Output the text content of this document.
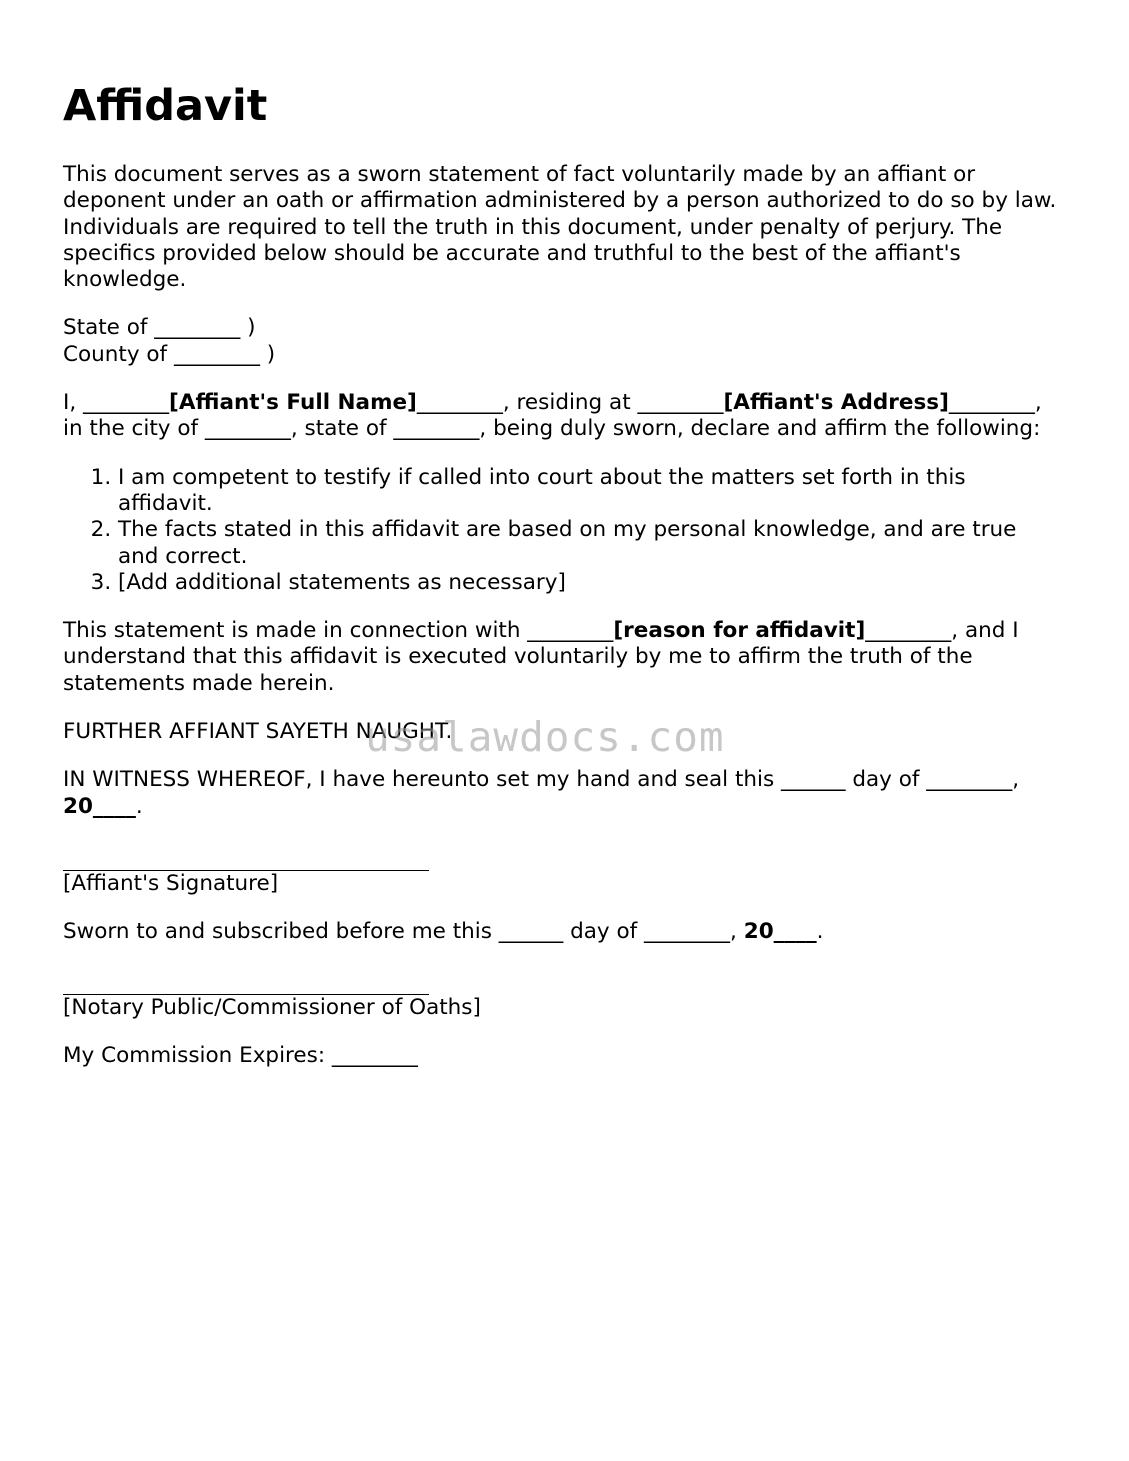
Affidavit

This document serves as a sworn statement of fact voluntarily made by an affiant or deponent under an oath or affirmation administered by a person authorized to do so by law. Individuals are required to tell the truth in this document, under penalty of perjury. The specifics provided below should be accurate and truthful to the best of the affiant's knowledge.

State of ________ )
County of ________ )

I, ________[Affiant's Full Name]________, residing at ________[Affiant's Address]________, in the city of ________, state of ________, being duly sworn, declare and affirm the following:

1. I am competent to testify if called into court about the matters set forth in this affidavit.
2. The facts stated in this affidavit are based on my personal knowledge, and are true and correct.
3. [Add additional statements as necessary]

This statement is made in connection with ________[reason for affidavit]________, and I understand that this affidavit is executed voluntarily by me to affirm the truth of the statements made herein.

FURTHER AFFIANT SAYETH NAUGHT.

IN WITNESS WHEREOF, I have hereunto set my hand and seal this ______ day of ________, 20____.

[Affiant's Signature]

Sworn to and subscribed before me this ______ day of ________, 20____.

[Notary Public/Commissioner of Oaths]

My Commission Expires: ________

usalawdocs.com
